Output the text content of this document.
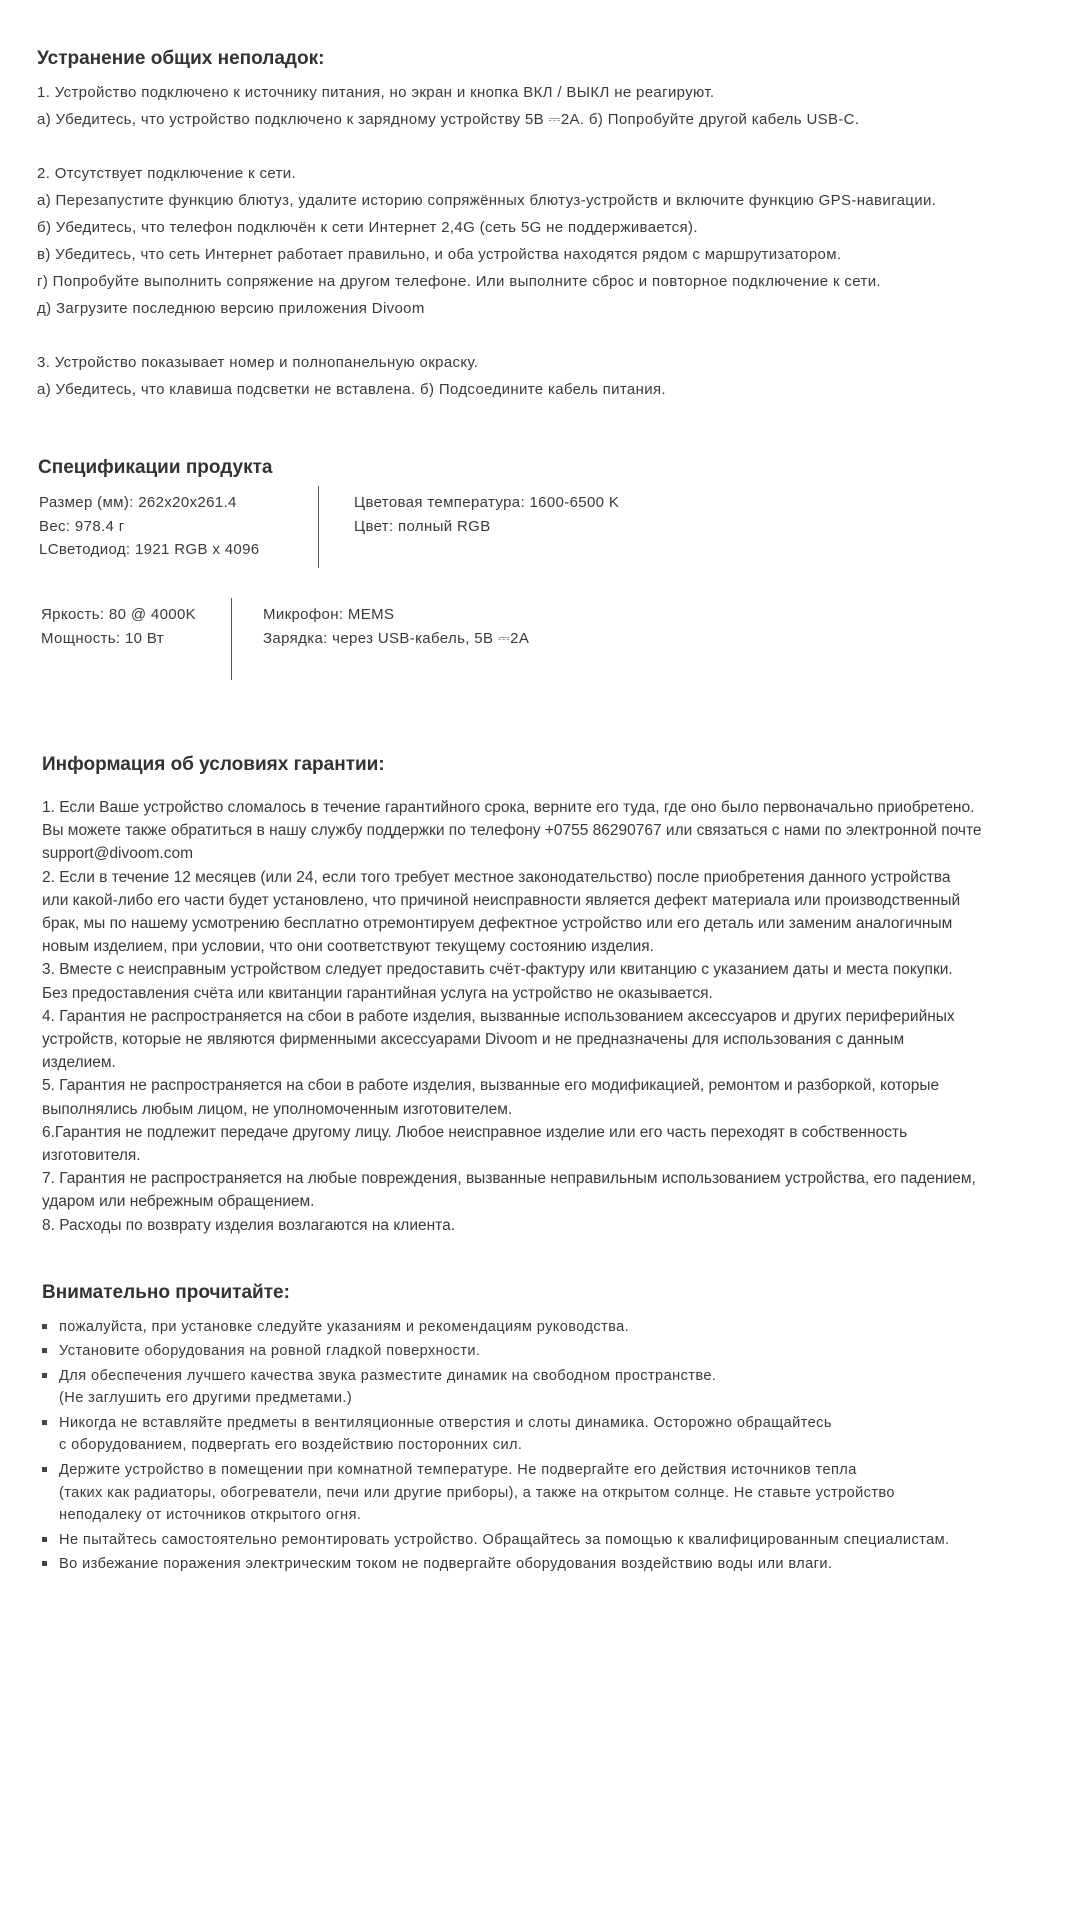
Устранение общих неполадок:
1. Устройство подключено к источнику питания, но экран и кнопка ВКЛ / ВЫКЛ не реагируют.
а) Убедитесь, что устройство подключено к зарядному устройству 5В ⎓2A. б) Попробуйте другой кабель USB-C.
2. Отсутствует подключение к сети.
а) Перезапустите функцию блютуз, удалите историю сопряжённых блютуз-устройств и включите функцию GPS-навигации.
б) Убедитесь, что телефон подключён к сети Интернет 2,4G (сеть 5G не поддерживается).
в) Убедитесь, что сеть Интернет работает правильно, и оба устройства находятся рядом с маршрутизатором.
г) Попробуйте выполнить сопряжение на другом телефоне. Или выполните сброс и повторное подключение к сети.
д) Загрузите последнюю версию приложения Divoom
3. Устройство показывает номер и полнопанельную окраску.
а) Убедитесь, что клавиша подсветки не вставлена. б) Подсоедините кабель питания.
Спецификации продукта
Размер (мм): 262x20x261.4
Вес: 978.4 г
LСветодиод: 1921 RGB x 4096
Цветовая температура: 1600-6500 K
Цвет: полный RGB
Яркость: 80 @ 4000K
Мощность: 10 Вт
Микрофон: MEMS
Зарядка: через USB-кабель, 5В ⎓2A
Информация об условиях гарантии:
1. Если Ваше устройство сломалось в течение гарантийного срока, верните его туда, где оно было первоначально приобретено.
Вы можете также обратиться в нашу службу поддержки по телефону +0755 86290767 или связаться с нами по электронной почте
support@divoom.com
2. Если в течение 12 месяцев (или 24, если того требует местное законодательство) после приобретения данного устройства
или какой-либо его части будет установлено, что причиной неисправности является дефект материала или производственный
брак, мы по нашему усмотрению бесплатно отремонтируем дефектное устройство или его деталь или заменим аналогичным
новым изделием, при условии, что они соответствуют текущему состоянию изделия.
3. Вместе с неисправным устройством следует предоставить счёт-фактуру или квитанцию с указанием даты и места покупки.
Без предоставления счёта или квитанции гарантийная услуга на устройство не оказывается.
4. Гарантия не распространяется на сбои в работе изделия, вызванные использованием аксессуаров и других периферийных
устройств, которые не являются фирменными аксессуарами Divoom и не предназначены для использования с данным
изделием.
5. Гарантия не распространяется на сбои в работе изделия, вызванные его модификацией, ремонтом и разборкой, которые
выполнялись любым лицом, не уполномоченным изготовителем.
6.Гарантия не подлежит передаче другому лицу. Любое неисправное изделие или его часть переходят в собственность
изготовителя.
7. Гарантия не распространяется на любые повреждения, вызванные неправильным использованием устройства, его падением,
ударом или небрежным обращением.
8. Расходы по возврату изделия возлагаются на клиента.
Внимательно прочитайте:
пожалуйста, при установке следуйте указаниям и рекомендациям руководства.
Установите оборудования на ровной гладкой поверхности.
Для обеспечения лучшего качества звука разместите динамик на свободном пространстве.
(Не заглушить его другими предметами.)
Никогда не вставляйте предметы в вентиляционные отверстия и слоты динамика. Осторожно обращайтесь
с оборудованием, подвергать его воздействию посторонних сил.
Держите устройство в помещении при комнатной температуре. Не подвергайте его действия источников тепла
(таких как радиаторы, обогреватели, печи или другие приборы), а также на открытом солнце. Не ставьте устройство
неподалеку от источников открытого огня.
Не пытайтесь самостоятельно ремонтировать устройство. Обращайтесь за помощью к квалифицированным специалистам.
Во избежание поражения электрическим током не подвергайте оборудования воздействию воды или влаги.
